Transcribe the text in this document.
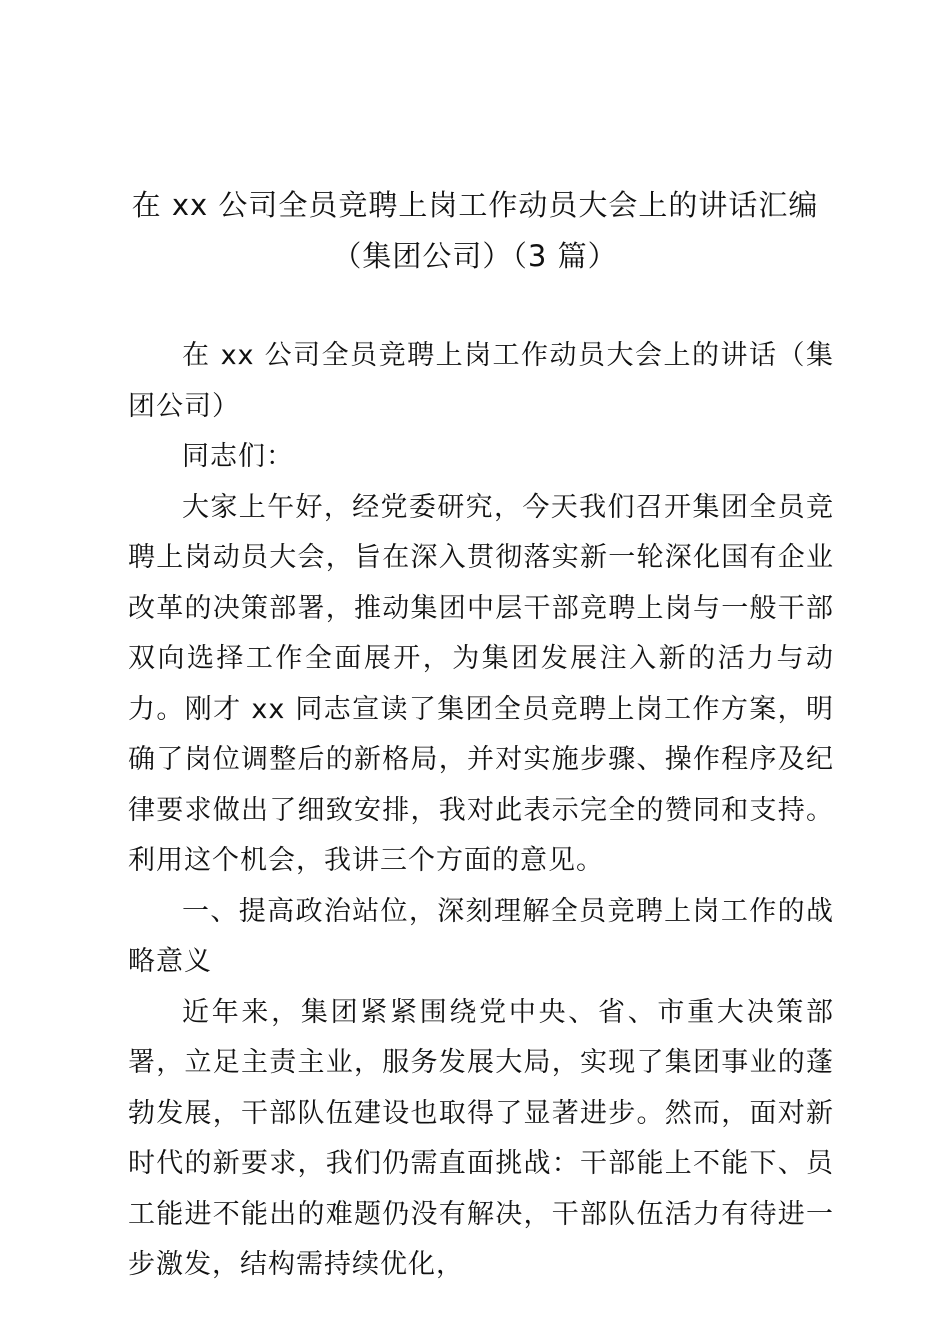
在 xx 公司全员竞聘上岗工作动员大会上的讲话汇编
（集团公司）（3 篇）

在 xx 公司全员竞聘上岗工作动员大会上的讲话（集团公司）

同志们：

大家上午好，经党委研究，今天我们召开集团全员竞聘上岗动员大会，旨在深入贯彻落实新一轮深化国有企业改革的决策部署，推动集团中层干部竞聘上岗与一般干部双向选择工作全面展开，为集团发展注入新的活力与动力。刚才 xx 同志宣读了集团全员竞聘上岗工作方案，明确了岗位调整后的新格局，并对实施步骤、操作程序及纪律要求做出了细致安排，我对此表示完全的赞同和支持。利用这个机会，我讲三个方面的意见。

一、提高政治站位，深刻理解全员竞聘上岗工作的战略意义

近年来，集团紧紧围绕党中央、省、市重大决策部署，立足主责主业，服务发展大局，实现了集团事业的蓬勃发展，干部队伍建设也取得了显著进步。然而，面对新时代的新要求，我们仍需直面挑战：干部能上不能下、员工能进不能出的难题仍没有解决，干部队伍活力有待进一步激发，结构需持续优化，
